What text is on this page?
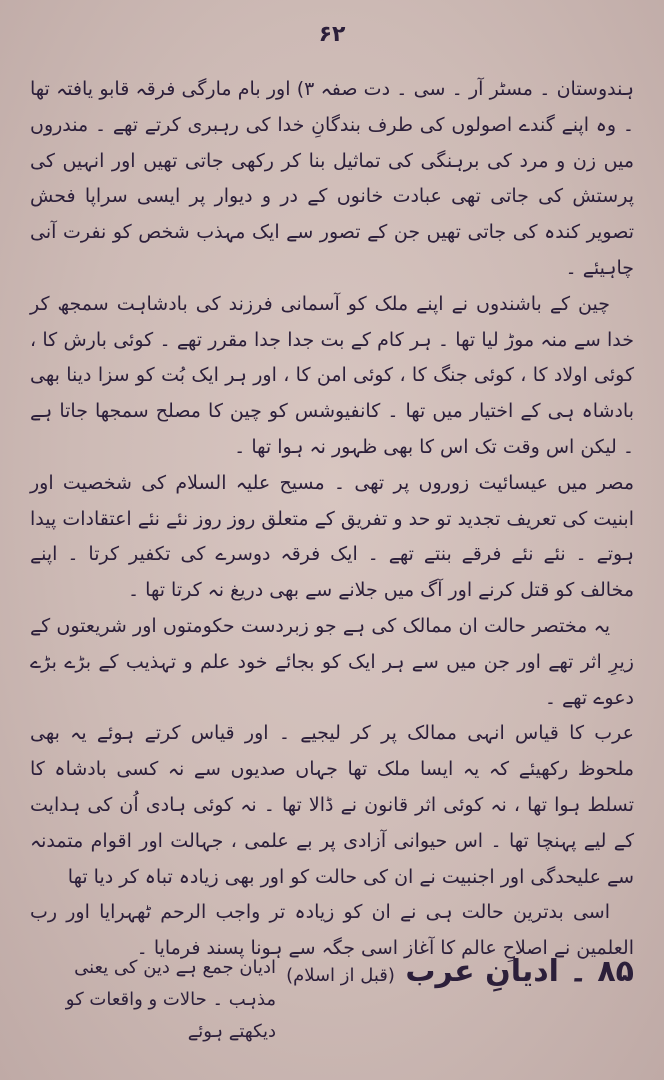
۶۲

ہندوستان ۔ مسٹر آر ۔ سی ۔ دت صفہ ۳) اور بام مارگی فرقہ قابو یافتہ تھا ۔ وہ اپنے گندے اصولوں کی طرف بندگانِ خدا کی رہبری کرتے تھے ۔ مندروں میں زن و مرد کی برہنگی کی تماثیل بنا کر رکھی جاتی تھیں اور انہیں کی پرستش کی جاتی تھی عبادت خانوں کے در و دیوار پر ایسی سراپا فحش تصویر کندہ کی جاتی تھیں جن کے تصور سے ایک مہذب شخص کو نفرت آنی چاہیئے ۔

چین کے باشندوں نے اپنے ملک کو آسمانی فرزند کی بادشاہت سمجھ کر خدا سے منہ موڑ لیا تھا ۔ ہر کام کے بت جدا جدا مقرر تھے ۔ کوئی بارش کا ، کوئی اولاد کا ، کوئی جنگ کا ، کوئی امن کا ، اور ہر ایک بُت کو سزا دینا بھی بادشاہ ہی کے اختیار میں تھا ۔ کانفیوشس کو چین کا مصلح سمجھا جاتا ہے ۔ لیکن اس وقت تک اس کا بھی ظہور نہ ہوا تھا ۔

مصر میں عیسائیت زوروں پر تھی ۔ مسیح علیہ السلام کی شخصیت اور ابنیت کی تعریف تجدید تو حد و تفریق کے متعلق روز روز نئے نئے اعتقادات پیدا ہوتے ۔ نئے نئے فرقے بنتے تھے ۔ ایک فرقہ دوسرے کی تکفیر کرتا ۔ اپنے مخالف کو قتل کرنے اور آگ میں جلانے سے بھی دریغ نہ کرتا تھا ۔

یہ مختصر حالت ان ممالک کی ہے جو زبردست حکومتوں اور شریعتوں کے زیرِ اثر تھے اور جن میں سے ہر ایک کو بجائے خود علم و تہذیب کے بڑے بڑے دعوے تھے ۔

عرب کا قیاس انہی ممالک پر کر لیجیے ۔ اور قیاس کرتے ہوئے یہ بھی ملحوظ رکھیئے کہ یہ ایسا ملک تھا جہاں صدیوں سے نہ کسی بادشاہ کا تسلط ہوا تھا ، نہ کوئی اثر قانون نے ڈالا تھا ۔ نہ کوئی ہادی اُن کی ہدایت کے لیے پہنچا تھا ۔ اس حیوانی آزادی پر بے علمی ، جہالت اور اقوام متمدنہ سے علیحدگی اور اجنبیت نے ان کی حالت کو اور بھی زیادہ تباہ کر دیا تھا

اسی بدترین حالت ہی نے ان کو زیادہ تر واجب الرحم ٹھہرایا اور رب العلمین نے اصلاحِ عالم کا آغاز اسی جگہ سے ہونا پسند فرمایا ۔

۸۵ ۔ ادیانِ عرب (قبل از اسلام)
ادیان جمع ہے دین کی یعنی مذہب ۔ حالات و واقعات کو دیکھتے ہوئے
